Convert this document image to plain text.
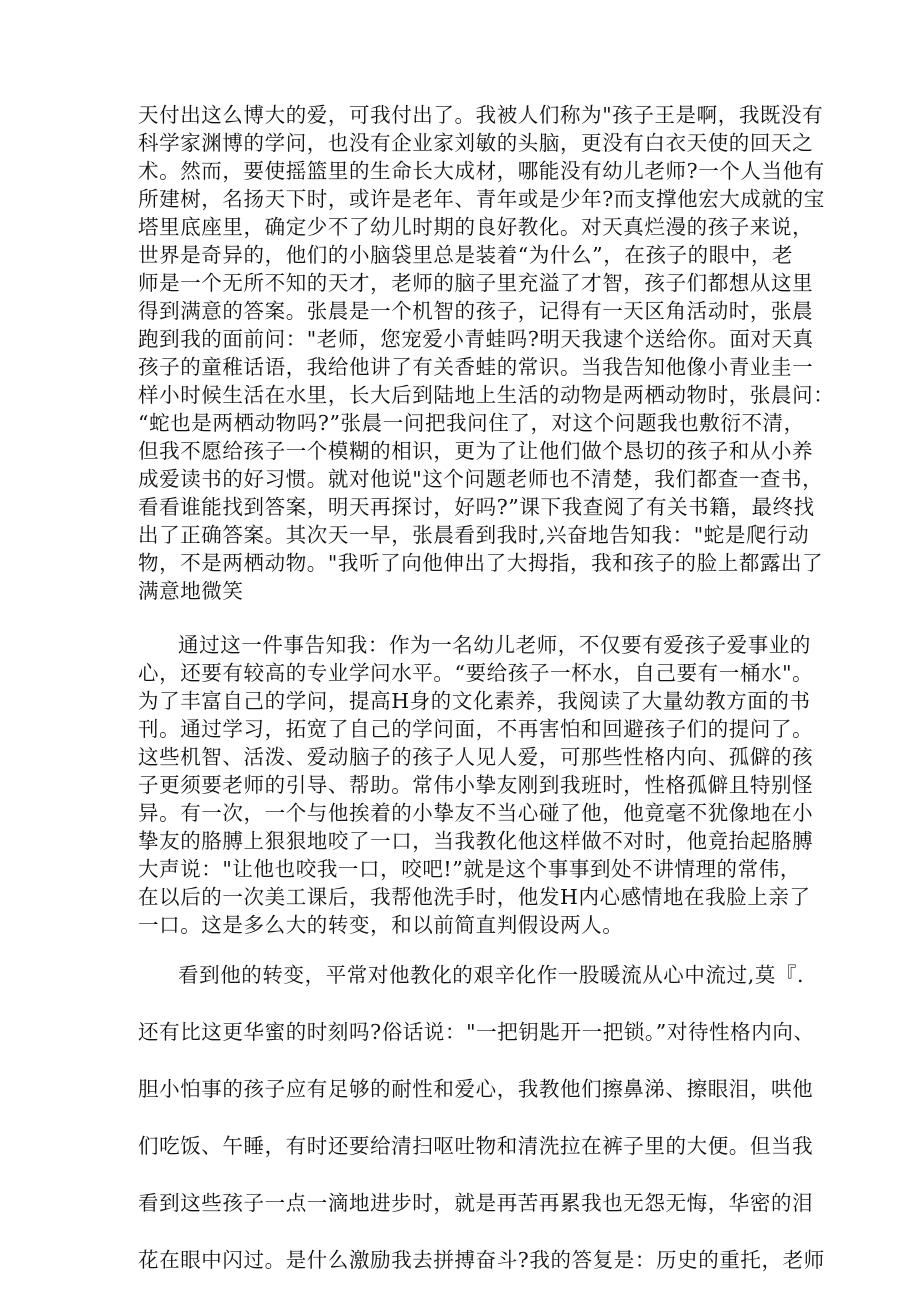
天付出这么博大的爱，可我付出了。我被人们称为"孩子王是啊，我既没有

科学家渊博的学问，也没有企业家刘敏的头脑，更没有白衣天使的回天之

术。然而，要使摇篮里的生命长大成材，哪能没有幼儿老师?一个人当他有

所建树，名扬天下时，或许是老年、青年或是少年?而支撑他宏大成就的宝

塔里底座里，确定少不了幼儿时期的良好教化。对天真烂漫的孩子来说，

世界是奇异的，他们的小脑袋里总是装着“为什么”，在孩子的眼中，老

师是一个无所不知的天才，老师的脑子里充溢了才智，孩子们都想从这里

得到满意的答案。张晨是一个机智的孩子，记得有一天区角活动时，张晨

跑到我的面前问："老师，您宠爱小青蛙吗?明天我逮个送给你。面对天真

孩子的童稚话语，我给他讲了有关香蛙的常识。当我告知他像小青业圭一

样小时候生活在水里，长大后到陆地上生活的动物是两栖动物时，张晨问：

“蛇也是两栖动物吗?”张晨一问把我问住了，对这个问题我也敷衍不清，

但我不愿给孩子一个模糊的相识，更为了让他们做个恳切的孩子和从小养

成爱读书的好习惯。就对他说"这个问题老师也不清楚，我们都查一查书，

看看谁能找到答案，明天再探讨，好吗?”课下我查阅了有关书籍，最终找

出了正确答案。其次天一早，张晨看到我时,兴奋地告知我："蛇是爬行动

物，不是两栖动物。"我听了向他伸出了大拇指，我和孩子的脸上都露出了

满意地微笑

通过这一件事告知我：作为一名幼儿老师，不仅要有爱孩子爱事业的

心，还要有较高的专业学问水平。“要给孩子一杯水，自己要有一桶水"。

为了丰富自己的学问，提高H身的文化素养，我阅读了大量幼教方面的书

刊。通过学习，拓宽了自己的学问面，不再害怕和回避孩子们的提问了。

这些机智、活泼、爱动脑子的孩子人见人爱，可那些性格内向、孤僻的孩

子更须要老师的引导、帮助。常伟小挚友刚到我班时，性格孤僻且特别怪

异。有一次，一个与他挨着的小挚友不当心碰了他，他竟毫不犹像地在小

挚友的胳膊上狠狠地咬了一口，当我教化他这样做不对时，他竟抬起胳膊

大声说："让他也咬我一口，咬吧!”就是这个事事到处不讲情理的常伟，

在以后的一次美工课后，我帮他洗手时，他发H内心感情地在我脸上亲了

一口。这是多么大的转变，和以前简直判假设两人。

看到他的转变，平常对他教化的艰辛化作一股暖流从心中流过,莫『.

还有比这更华蜜的时刻吗?俗话说："一把钥匙开一把锁。”对待性格内向、

胆小怕事的孩子应有足够的耐性和爱心，我教他们擦鼻涕、擦眼泪，哄他

们吃饭、午睡，有时还要给清扫呕吐物和清洗拉在裤子里的大便。但当我

看到这些孩子一点一滴地进步时，就是再苦再累我也无怨无悔，华密的泪

花在眼中闪过。是什么激励我去拼搏奋斗?我的答复是：历史的重托，老师
